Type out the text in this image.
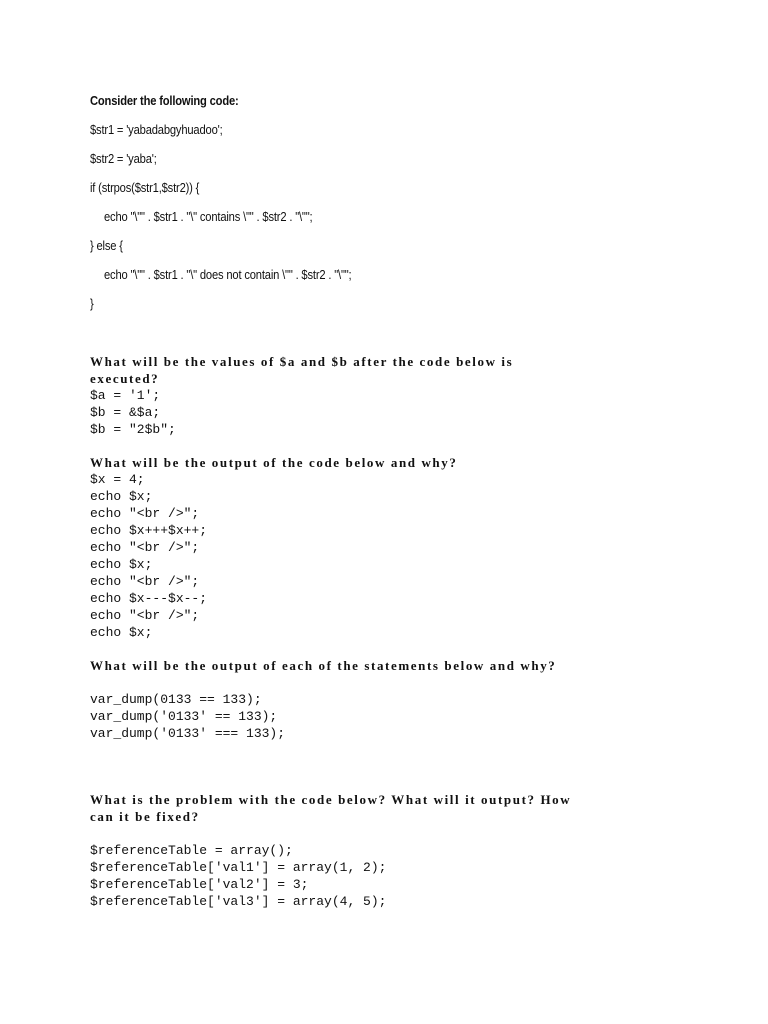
Consider the following code:
$str1 = 'yabadabgyhuadoo';
$str2 = 'yaba';
if (strpos($str1,$str2)) {
echo "\"" . $str1 . "\" contains \"" . $str2 . "\"";
} else {
echo "\"" . $str1 . "\" does not contain \"" . $str2 . "\"";
}
What will be the values of $a and $b after the code below is
executed?
$a = '1';
$b = &$a;
$b = "2$b";
What will be the output of the code below and why?
$x = 4;
echo $x;
echo "<br />";
echo $x+++$x++;
echo "<br />";
echo $x;
echo "<br />";
echo $x---$x--;
echo "<br />";
echo $x;
What will be the output of each of the statements below and why?
var_dump(0133 == 133);
var_dump('0133' == 133);
var_dump('0133' === 133);
What is the problem with the code below? What will it output? How
can it be fixed?
$referenceTable = array();
$referenceTable['val1'] = array(1, 2);
$referenceTable['val2'] = 3;
$referenceTable['val3'] = array(4, 5);
